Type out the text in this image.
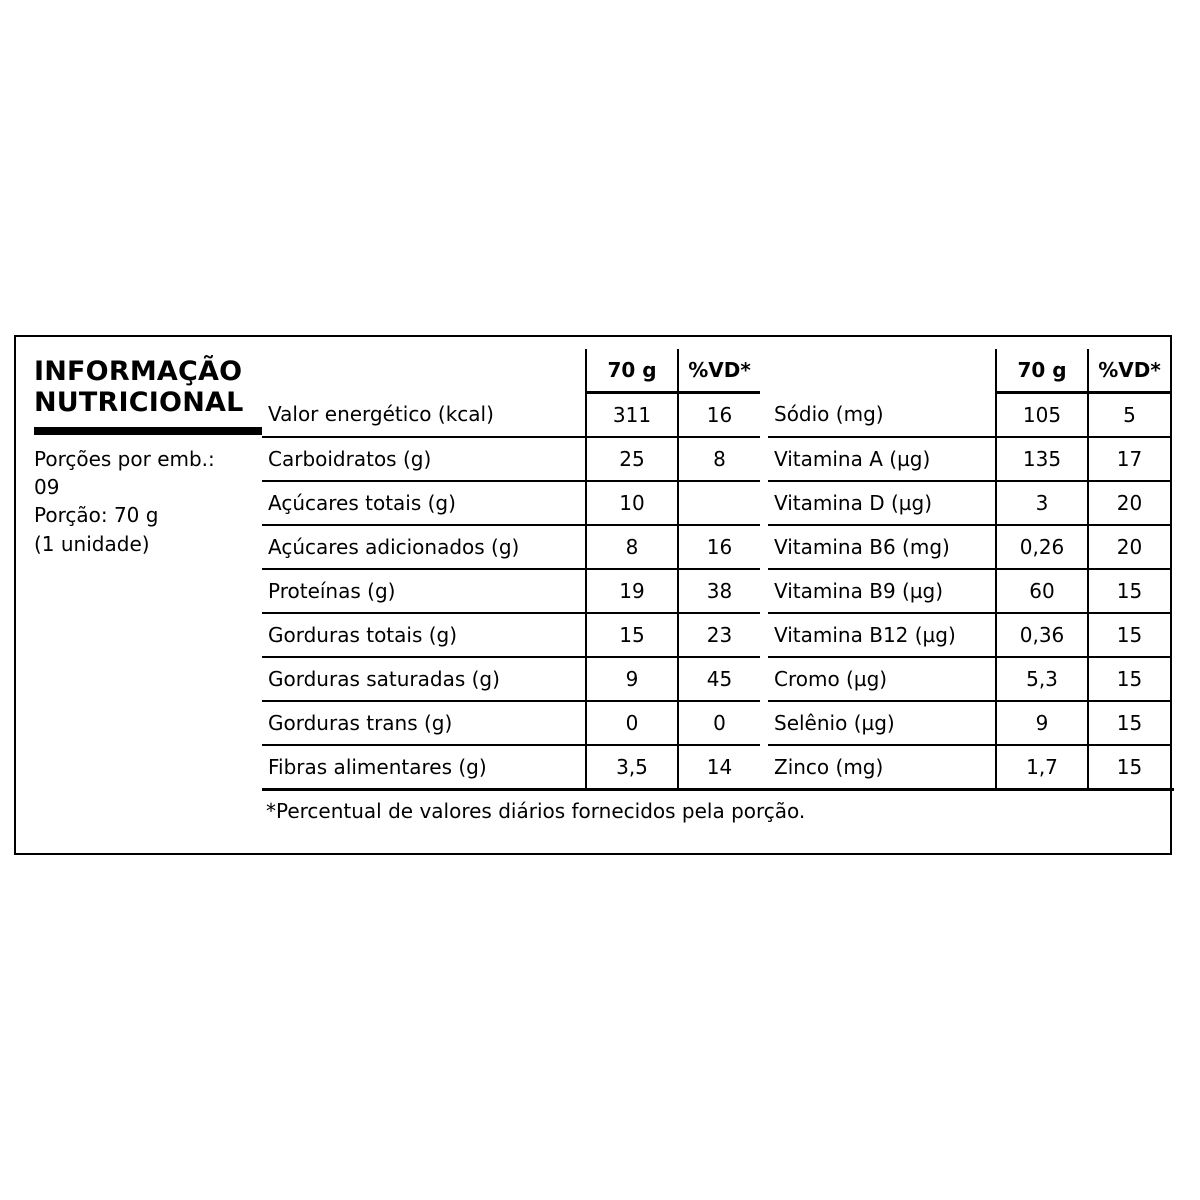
INFORMAÇÃO
NUTRICIONAL
Porções por emb.:
09
Porção: 70 g
(1 unidade)
	70 g	%VD*
Valor energético (kcal)	311	16
Carboidratos (g)	25	8
Açúcares totais (g)	10	
Açúcares adicionados (g)	8	16
Proteínas (g)	19	38
Gorduras totais (g)	15	23
Gorduras saturadas (g)	9	45
Gorduras trans (g)	0	0
Fibras alimentares (g)	3,5	14
	70 g	%VD*
Sódio (mg)	105	5
Vitamina A (µg)	135	17
Vitamina D (µg)	3	20
Vitamina B6 (mg)	0,26	20
Vitamina B9 (µg)	60	15
Vitamina B12 (µg)	0,36	15
Cromo (µg)	5,3	15
Selênio (µg)	9	15
Zinco (mg)	1,7	15
*Percentual de valores diários fornecidos pela porção.
